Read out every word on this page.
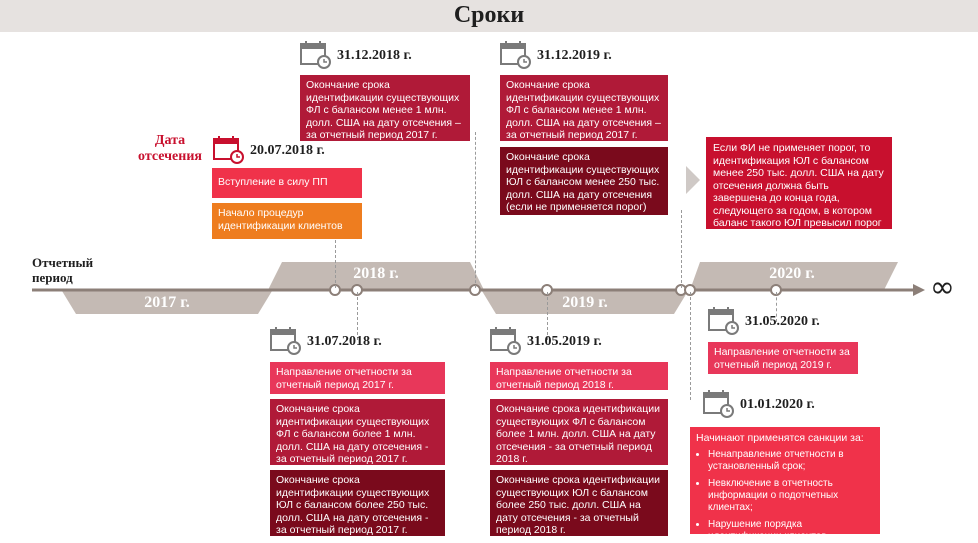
Сроки
2017 г.
2018 г.
2019 г.
2020 г.
Отчетный период	∞
Дата отсечения	20.07.2018 г.
Вступление в силу ПП
Начало процедур идентификации клиентов
31.12.2018 г.
Окончание срока идентификации существующих ФЛ с балансом менее 1 млн. долл. США на дату отсечения – за отчетный период 2017 г.
31.12.2019 г.
Окончание срока идентификации существующих ФЛ с балансом менее 1 млн. долл. США на дату отсечения – за отчетный период 2017 г.
Окончание срока идентификации существующих ЮЛ с балансом менее 250 тыс. долл. США на дату отсечения (если не применяется порог)
Если ФИ не применяет порог, то идентификация ЮЛ с балансом менее 250 тыс. долл. США на дату отсечения должна быть завершена до конца года, следующего за годом, в котором баланс такого ЮЛ превысил порог
31.07.2018 г.
Направление отчетности за отчетный период 2017 г.
Окончание срока идентификации существующих ФЛ с балансом более 1 млн. долл. США на дату отсечения - за отчетный период 2017 г.
Окончание срока идентификации существующих ЮЛ с балансом более 250 тыс. долл. США на дату отсечения - за отчетный период 2017 г.
31.05.2019 г.
Направление отчетности за отчетный период 2018 г.
Окончание срока идентификации существующих ФЛ с балансом более 1 млн. долл. США на дату отсечения - за отчетный период 2018 г.
Окончание срока идентификации существующих ЮЛ с балансом более 250 тыс. долл. США на дату отсечения - за отчетный период 2018 г.
31.05.2020 г.
Направление отчетности за отчетный период 2019 г.
01.01.2020 г.
Начинают применятся санкции за:
• Ненаправление отчетности в установленный срок;
• Невключение в отчетность информации о подотчетных клиентах;
• Нарушение порядка идентификации клиентов
